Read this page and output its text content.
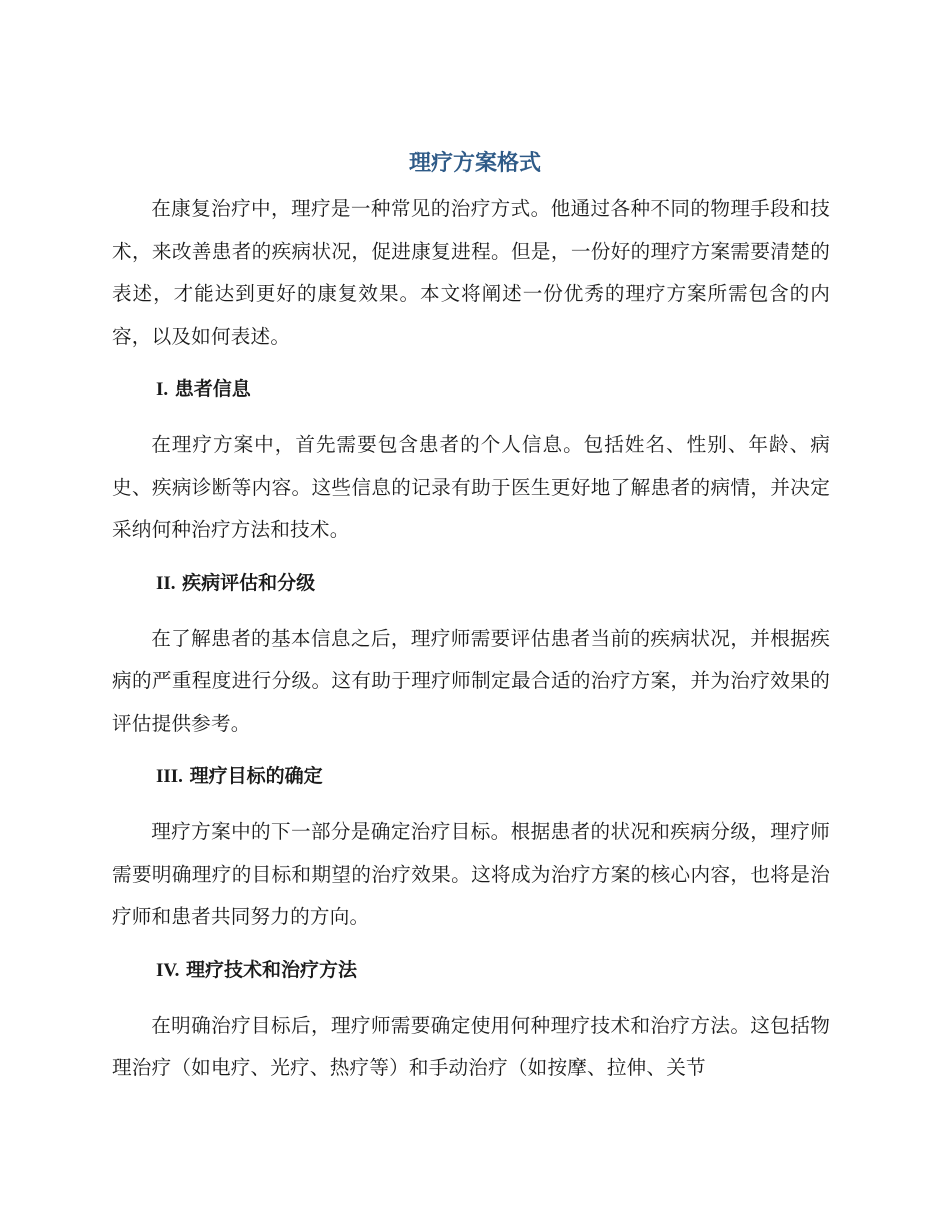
理疗方案格式

在康复治疗中，理疗是一种常见的治疗方式。他通过各种不同的物理手段和技术，来改善患者的疾病状况，促进康复进程。但是，一份好的理疗方案需要清楚的表述，才能达到更好的康复效果。本文将阐述一份优秀的理疗方案所需包含的内容，以及如何表述。

I. 患者信息

在理疗方案中，首先需要包含患者的个人信息。包括姓名、性别、年龄、病史、疾病诊断等内容。这些信息的记录有助于医生更好地了解患者的病情，并决定采纳何种治疗方法和技术。

II. 疾病评估和分级

在了解患者的基本信息之后，理疗师需要评估患者当前的疾病状况，并根据疾病的严重程度进行分级。这有助于理疗师制定最合适的治疗方案，并为治疗效果的评估提供参考。

III. 理疗目标的确定

理疗方案中的下一部分是确定治疗目标。根据患者的状况和疾病分级，理疗师需要明确理疗的目标和期望的治疗效果。这将成为治疗方案的核心内容，也将是治疗师和患者共同努力的方向。

IV. 理疗技术和治疗方法

在明确治疗目标后，理疗师需要确定使用何种理疗技术和治疗方法。这包括物理治疗（如电疗、光疗、热疗等）和手动治疗（如按摩、拉伸、关节
